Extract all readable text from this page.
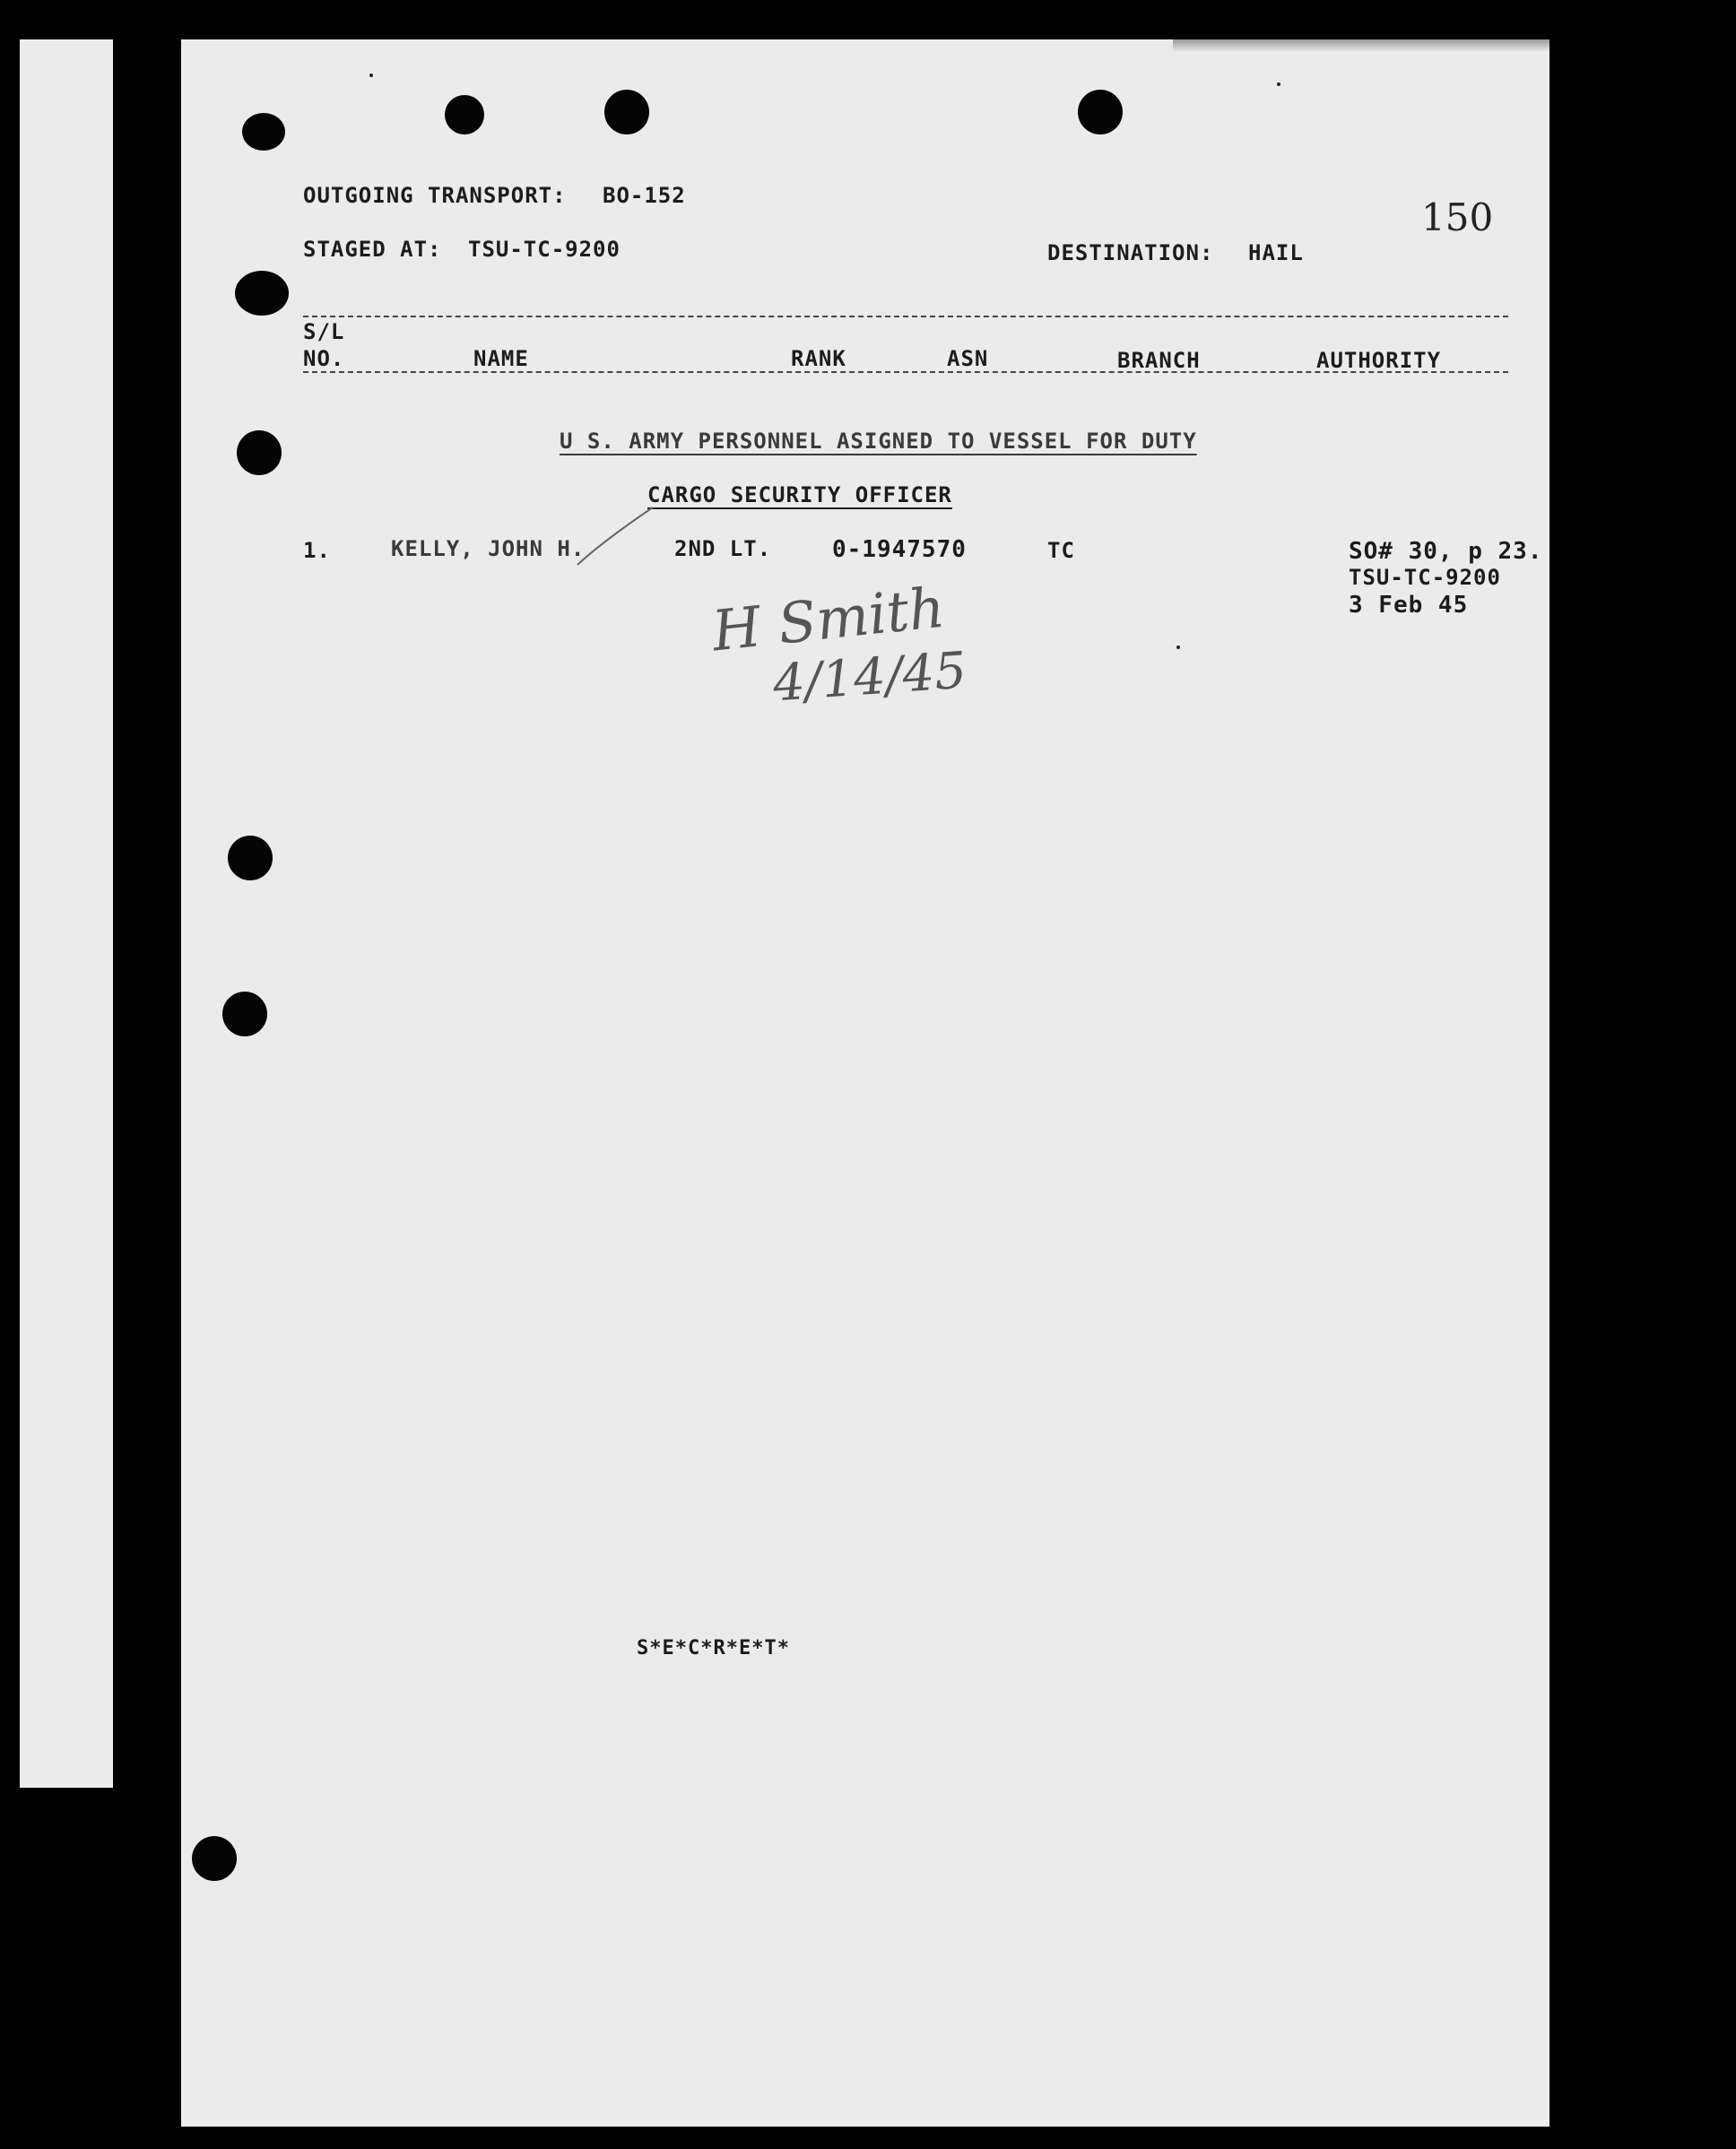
OUTGOING TRANSPORT: BO-152	150
STAGED AT: TSU-TC-9200	DESTINATION: HAIL
S/L
NO.	NAME	RANK	ASN	BRANCH	AUTHORITY
U S. ARMY PERSONNEL ASIGNED TO VESSEL FOR DUTY
CARGO SECURITY OFFICER
1.	KELLY, JOHN H.	2ND LT.	0-1947570	TC	SO# 30, p 23.
TSU-TC-9200
3 Feb 45
H Smith
4/14/45
S*E*C*R*E*T*
